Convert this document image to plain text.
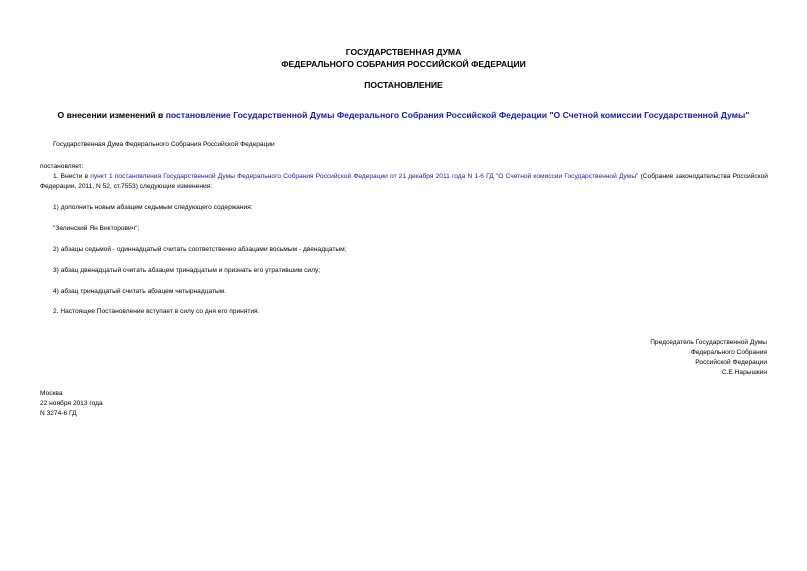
ГОСУДАРСТВЕННАЯ ДУМА
ФЕДЕРАЛЬНОГО СОБРАНИЯ РОССИЙСКОЙ ФЕДЕРАЦИИ
ПОСТАНОВЛЕНИЕ
О внесении изменений в постановление Государственной Думы Федерального Собрания Российской Федерации "О Счетной комиссии Государственной Думы"
Государственная Дума Федерального Собрания Российской Федерации
постановляет:
1. Внести в пункт 1 постановления Государственной Думы Федерального Собрания Российской Федерации от 21 декабря 2011 года N 1-6 ГД "О Счетной комиссии Государственной Думы" (Собрание законодательства Российской Федерации, 2011, N 52, ст.7553) следующие изменения:
1) дополнить новым абзацем седьмым следующего содержания:
"Зелинский Ян Викторович";
2) абзацы седьмой - одиннадцатый считать соответственно абзацами восьмым - двенадцатым;
3) абзац двенадцатый считать абзацем тринадцатым и признать его утратившим силу;
4) абзац тринадцатый считать абзацем четырнадцатым.
2. Настоящее Постановление вступает в силу со дня его принятия.
Председатель Государственной Думы
Федерального Собрания
Российской Федерации
С.Е.Нарышкин
Москва
22 ноября 2013 года
N 3274-6 ГД
